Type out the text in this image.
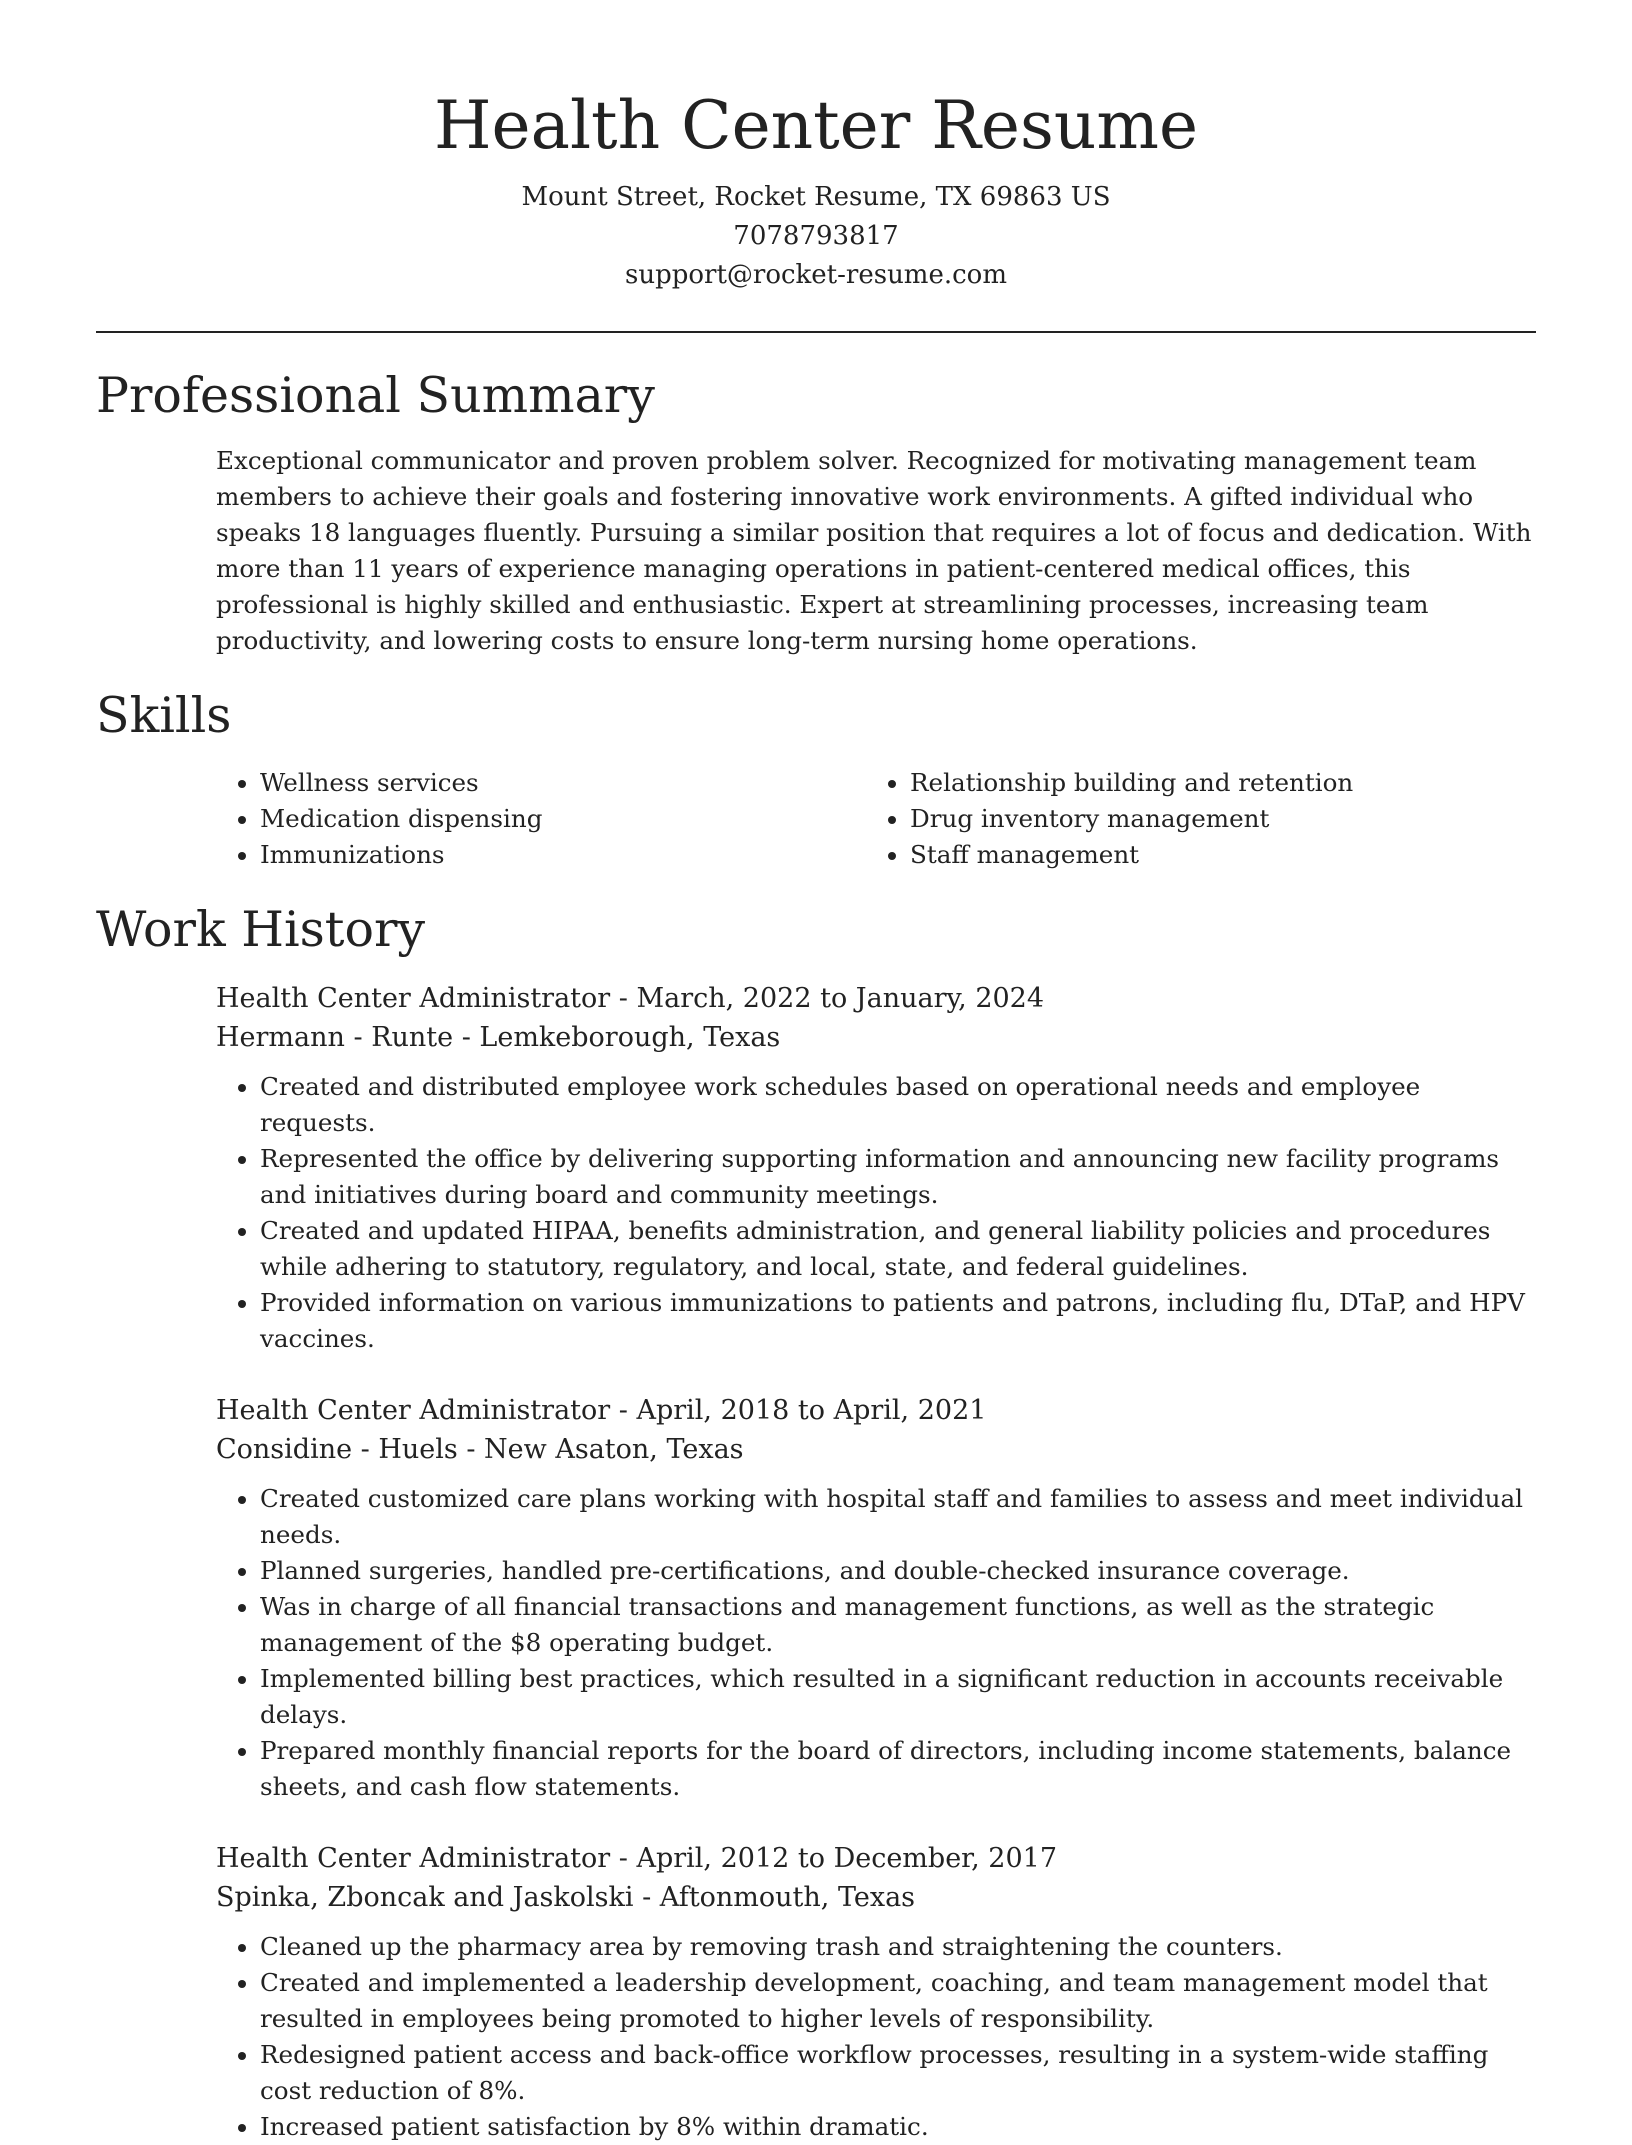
Health Center Resume
Mount Street, Rocket Resume, TX 69863 US
7078793817
support@rocket-resume.com
Professional Summary
Exceptional communicator and proven problem solver. Recognized for motivating management team members to achieve their goals and fostering innovative work environments. A gifted individual who speaks 18 languages fluently. Pursuing a similar position that requires a lot of focus and dedication. With more than 11 years of experience managing operations in patient-centered medical offices, this professional is highly skilled and enthusiastic. Expert at streamlining processes, increasing team productivity, and lowering costs to ensure long-term nursing home operations.
Skills
• Wellness services
• Medication dispensing
• Immunizations
• Relationship building and retention
• Drug inventory management
• Staff management
Work History
Health Center Administrator - March, 2022 to January, 2024
Hermann - Runte - Lemkeborough, Texas
• Created and distributed employee work schedules based on operational needs and employee requests.
• Represented the office by delivering supporting information and announcing new facility programs and initiatives during board and community meetings.
• Created and updated HIPAA, benefits administration, and general liability policies and procedures while adhering to statutory, regulatory, and local, state, and federal guidelines.
• Provided information on various immunizations to patients and patrons, including flu, DTaP, and HPV vaccines.
Health Center Administrator - April, 2018 to April, 2021
Considine - Huels - New Asaton, Texas
• Created customized care plans working with hospital staff and families to assess and meet individual needs.
• Planned surgeries, handled pre-certifications, and double-checked insurance coverage.
• Was in charge of all financial transactions and management functions, as well as the strategic management of the $8 operating budget.
• Implemented billing best practices, which resulted in a significant reduction in accounts receivable delays.
• Prepared monthly financial reports for the board of directors, including income statements, balance sheets, and cash flow statements.
Health Center Administrator - April, 2012 to December, 2017
Spinka, Zboncak and Jaskolski - Aftonmouth, Texas
• Cleaned up the pharmacy area by removing trash and straightening the counters.
• Created and implemented a leadership development, coaching, and team management model that resulted in employees being promoted to higher levels of responsibility.
• Redesigned patient access and back-office workflow processes, resulting in a system-wide staffing cost reduction of 8%.
• Increased patient satisfaction by 8% within dramatic.
